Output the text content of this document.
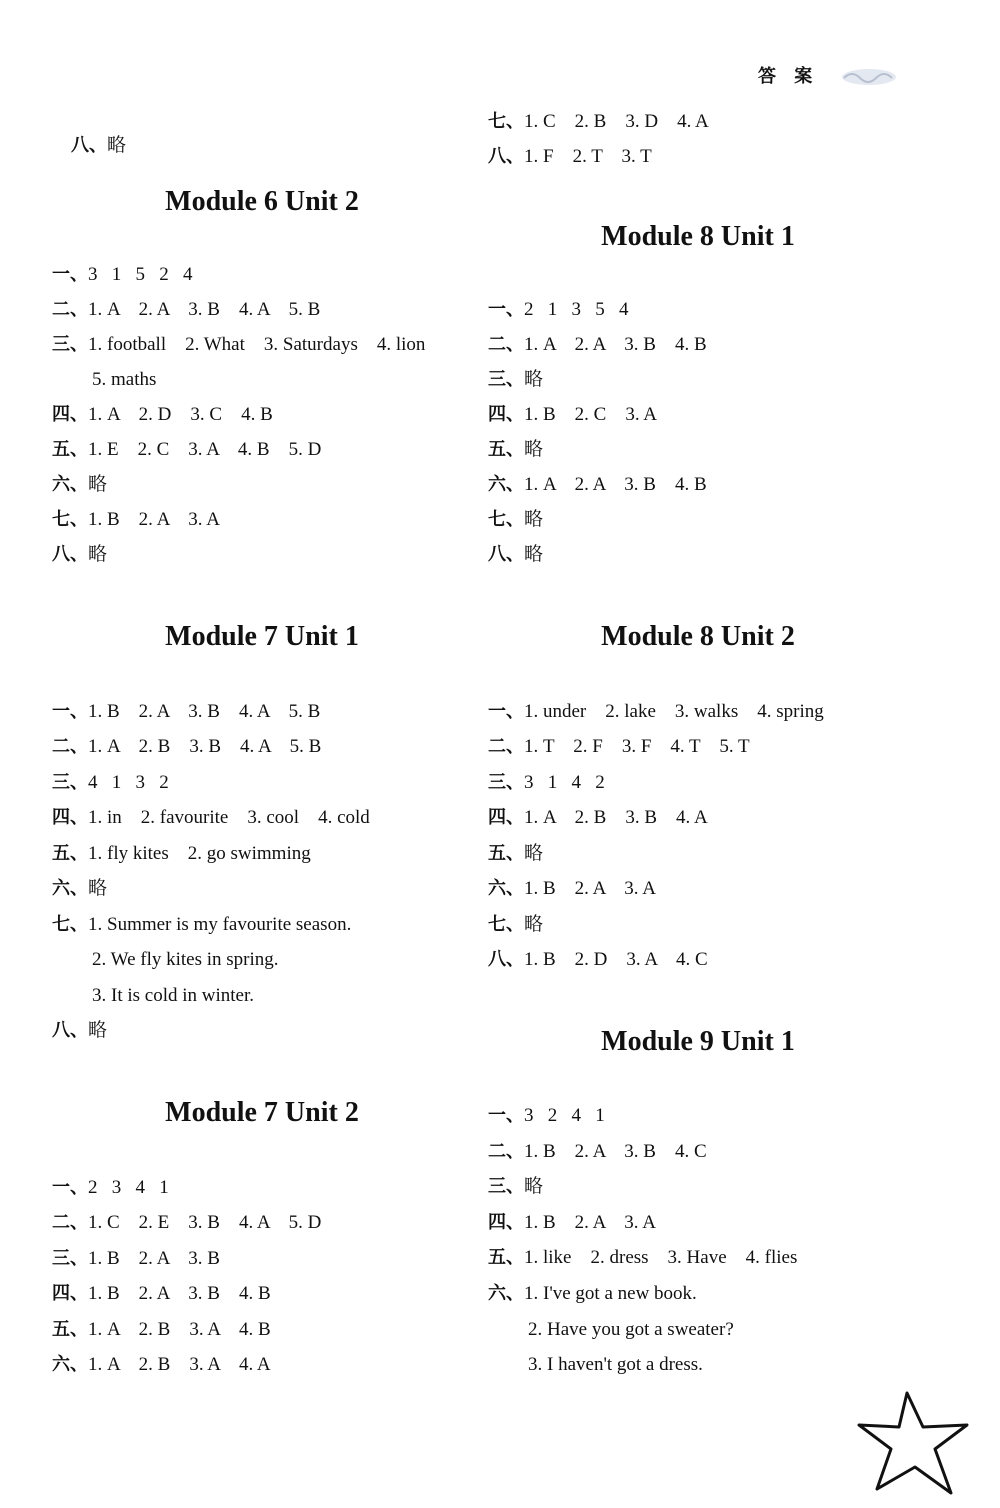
答 案

八、略

Module 6 Unit 2
一、3   1   5   2   4
二、1. A    2. A    3. B    4. A    5. B
三、1. football    2. What    3. Saturdays    4. lion
5. maths
四、1. A    2. D    3. C    4. B
五、1. E    2. C    3. A    4. B    5. D
六、略
七、1. B    2. A    3. A
八、略
Module 7 Unit 1
一、1. B    2. A    3. B    4. A    5. B
二、1. A    2. B    3. B    4. A    5. B
三、4   1   3   2
四、1. in    2. favourite    3. cool    4. cold
五、1. fly kites    2. go swimming
六、略
七、1. Summer is my favourite season.
2. We fly kites in spring.
3. It is cold in winter.
八、略
Module 7 Unit 2
一、2   3   4   1
二、1. C    2. E    3. B    4. A    5. D
三、1. B    2. A    3. B
四、1. B    2. A    3. B    4. B
五、1. A    2. B    3. A    4. B
六、1. A    2. B    3. A    4. A
七、1. C    2. B    3. D    4. A
八、1. F    2. T    3. T
Module 8 Unit 1
一、2   1   3   5   4
二、1. A    2. A    3. B    4. B
三、略
四、1. B    2. C    3. A
五、略
六、1. A    2. A    3. B    4. B
七、略
八、略
Module 8 Unit 2
一、1. under    2. lake    3. walks    4. spring
二、1. T    2. F    3. F    4. T    5. T
三、3   1   4   2
四、1. A    2. B    3. B    4. A
五、略
六、1. B    2. A    3. A
七、略
八、1. B    2. D    3. A    4. C
Module 9 Unit 1
一、3   2   4   1
二、1. B    2. A    3. B    4. C
三、略
四、1. B    2. A    3. A
五、1. like    2. dress    3. Have    4. flies
六、1. I've got a new book.
2. Have you got a sweater?
3. I haven't got a dress.
